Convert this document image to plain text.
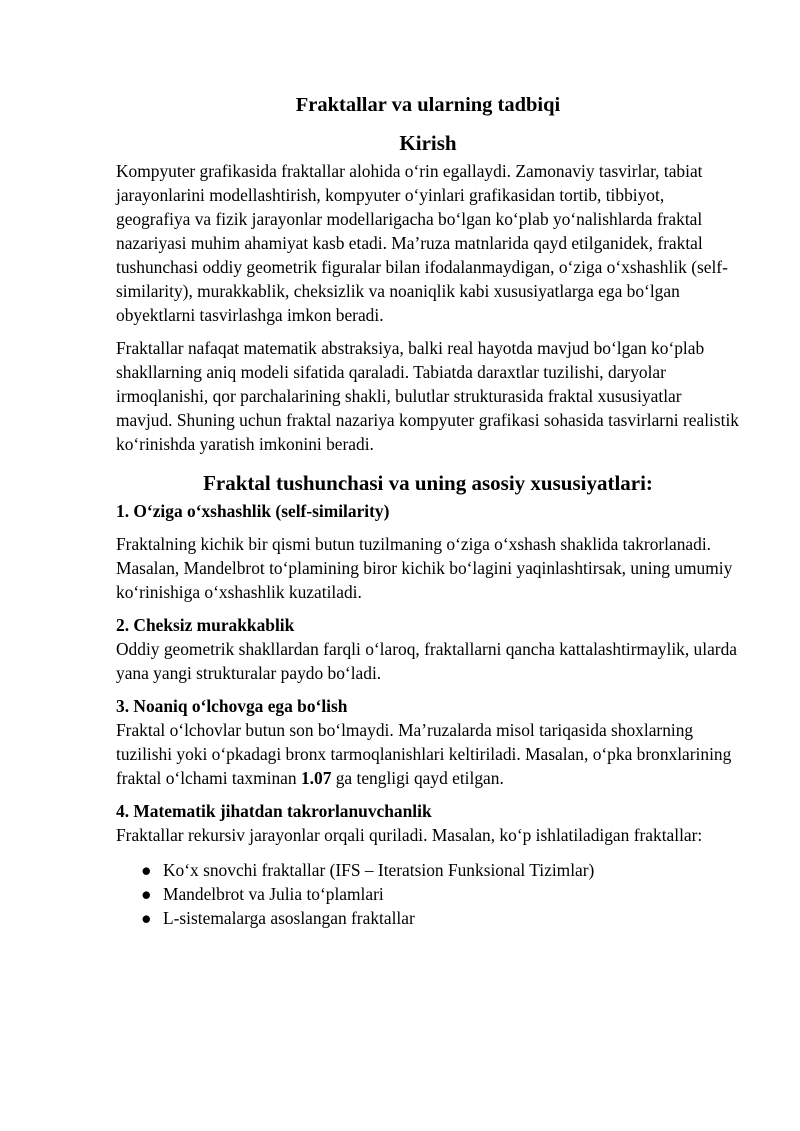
Fraktallar va ularning tadbiqi
Kirish

Kompyuter grafikasida fraktallar alohida o‘rin egallaydi. Zamonaviy tasvirlar, tabiat jarayonlarini modellashtirish, kompyuter o‘yinlari grafikasidan tortib, tibbiyot, geografiya va fizik jarayonlar modellarigacha bo‘lgan ko‘plab yo‘nalishlarda fraktal nazariyasi muhim ahamiyat kasb etadi. Ma’ruza matnlarida qayd etilganidek, fraktal tushunchasi oddiy geometrik figuralar bilan ifodalanmaydigan, o‘ziga o‘xshashlik (self-similarity), murakkablik, cheksizlik va noaniqlik kabi xususiyatlarga ega bo‘lgan obyektlarni tasvirlashga imkon beradi.

Fraktallar nafaqat matematik abstraksiya, balki real hayotda mavjud bo‘lgan ko‘plab shakllarning aniq modeli sifatida qaraladi. Tabiatda daraxtlar tuzilishi, daryolar irmoqlanishi, qor parchalarining shakli, bulutlar strukturasida fraktal xususiyatlar mavjud. Shuning uchun fraktal nazariya kompyuter grafikasi sohasida tasvirlarni realistik ko‘rinishda yaratish imkonini beradi.

Fraktal tushunchasi va uning asosiy xususiyatlari:
1. O‘ziga o‘xshashlik (self-similarity)

Fraktalning kichik bir qismi butun tuzilmaning o‘ziga o‘xshash shaklida takrorlanadi. Masalan, Mandelbrot to‘plamining biror kichik bo‘lagini yaqinlashtirsak, uning umumiy ko‘rinishiga o‘xshashlik kuzatiladi.

2. Cheksiz murakkablik

Oddiy geometrik shakllardan farqli o‘laroq, fraktallarni qancha kattalashtirmaylik, ularda yana yangi strukturalar paydo bo‘ladi.

3. Noaniq o‘lchovga ega bo‘lish

Fraktal o‘lchovlar butun son bo‘lmaydi. Ma’ruzalarda misol tariqasida shoxlarning tuzilishi yoki o‘pkadagi bronx tarmoqlanishlari keltiriladi. Masalan, o‘pka bronxlarining fraktal o‘lchami taxminan 1.07 ga tengligi qayd etilgan.

4. Matematik jihatdan takrorlanuvchanlik

Fraktallar rekursiv jarayonlar orqali quriladi. Masalan, ko‘p ishlatiladigan fraktallar:

● Ko‘x snovchi fraktallar (IFS – Iteratsion Funksional Tizimlar)
● Mandelbrot va Julia to‘plamlari
● L-sistemalarga asoslangan fraktallar
